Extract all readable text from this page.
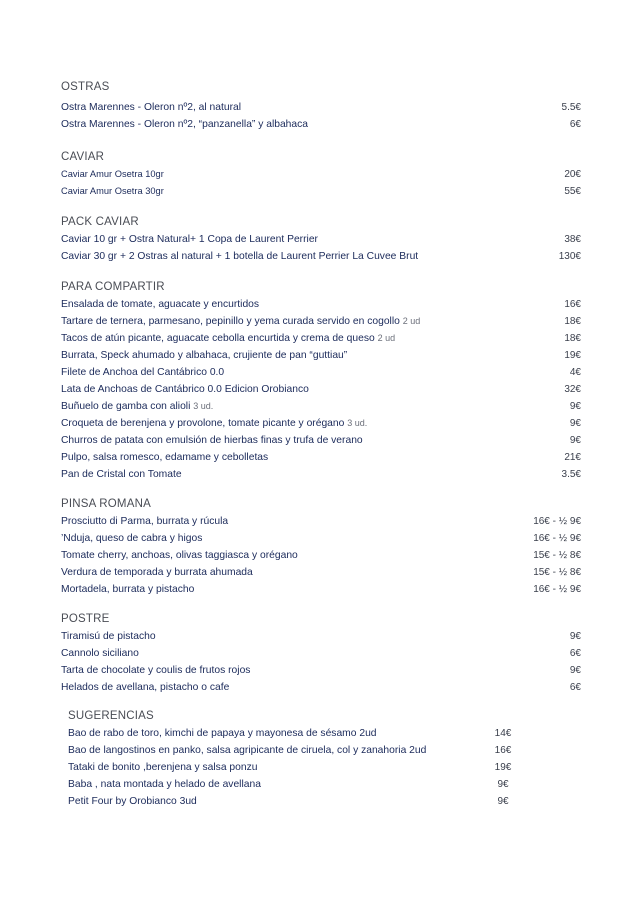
OSTRAS
Ostra Marennes - Oleron nº2, al natural	5.5€
Ostra Marennes - Oleron nº2, “panzanella” y albahaca	6€
CAVIAR
Caviar Amur Osetra 10gr	20€
Caviar Amur Osetra 30gr	55€
PACK CAVIAR
Caviar 10 gr + Ostra Natural+ 1 Copa de Laurent Perrier	38€
Caviar 30 gr + 2 Ostras al natural + 1 botella de Laurent Perrier La Cuvee Brut	130€
PARA COMPARTIR
Ensalada de tomate, aguacate y encurtidos	16€
Tartare de ternera, parmesano, pepinillo y yema curada servido en cogollo 2 ud	18€
Tacos de atún picante, aguacate cebolla encurtida y crema de queso 2 ud	18€
Burrata, Speck ahumado y albahaca, crujiente de pan “guttiau”	19€
Filete de Anchoa del Cantábrico 0.0	4€
Lata de Anchoas de Cantábrico 0.0 Edicion Orobianco	32€
Buñuelo de gamba con alioli 3 ud.	9€
Croqueta de berenjena y provolone, tomate picante y orégano 3 ud.	9€
Churros de patata con emulsión de hierbas finas y trufa de verano	9€
Pulpo, salsa romesco, edamame y cebolletas	21€
Pan de Cristal con Tomate	3.5€
PINSA ROMANA
Prosciutto di Parma, burrata y rúcula	16€ - ½ 9€
’Nduja, queso de cabra y higos	16€ - ½ 9€
Tomate cherry, anchoas, olivas taggiasca y orégano	15€ - ½ 8€
Verdura de temporada y burrata ahumada	15€ - ½ 8€
Mortadela, burrata y pistacho	16€ - ½ 9€
POSTRE
Tiramisú de pistacho	9€
Cannolo siciliano	6€
Tarta de chocolate y coulis de frutos rojos	9€
Helados de avellana, pistacho o cafe	6€
SUGERENCIAS
Bao de rabo de toro, kimchi de papaya y mayonesa de sésamo 2ud	14€
Bao de langostinos en panko, salsa agripicante de ciruela, col y zanahoria 2ud	16€
Tataki de bonito ,berenjena y salsa ponzu	19€
Baba , nata montada y helado de avellana	9€
Petit Four by Orobianco 3ud	9€
